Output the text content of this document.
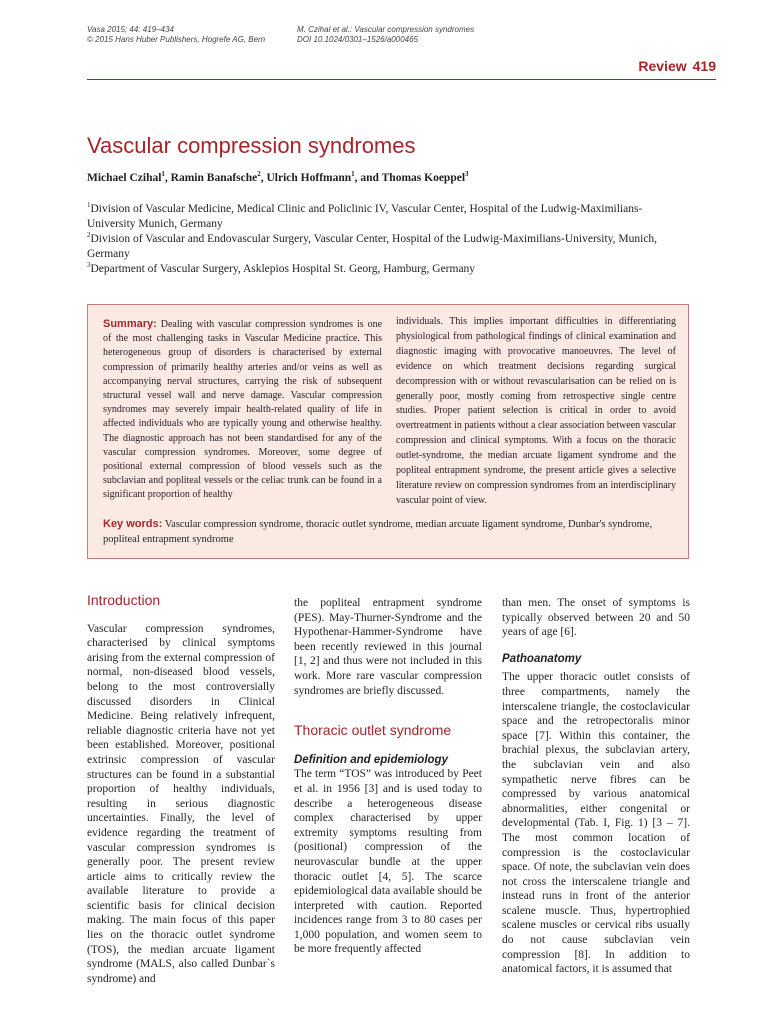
Vasa 2015; 44: 419–434
© 2015 Hans Huber Publishers, Hogrefe AG, Bern
M. Czihal et al.: Vascular compression syndromes
DOI 10.1024/0301–1526/a000465
Review 419
Vascular compression syndromes
Michael Czihal$^1$, Ramin Banafsche$^2$, Ulrich Hoffmann$^1$, and Thomas Koeppel$^3$

$^1$Division of Vascular Medicine, Medical Clinic and Policlinic IV, Vascular Center, Hospital of the Ludwig-Maximilians-University Munich, Germany

$^2$Division of Vascular and Endovascular Surgery, Vascular Center, Hospital of the Ludwig-Maximilians-University, Munich, Germany

$^3$Department of Vascular Surgery, Asklepios Hospital St. Georg, Hamburg, Germany

Summary: Dealing with vascular compression syndromes is one of the most challenging tasks in Vascular Medicine practice. This heterogeneous group of disorders is characterised by external compression of primarily healthy arteries and/or veins as well as accompanying nerval structures, carrying the risk of subsequent structural vessel wall and nerve damage. Vascular compression syndromes may severely impair health-related quality of life in affected individuals who are typically young and otherwise healthy. The diagnostic approach has not been standardised for any of the vascular compression syndromes. Moreover, some degree of positional external compression of blood vessels such as the subclavian and popliteal vessels or the celiac trunk can be found in a significant proportion of healthy
individuals. This implies important difficulties in differentiating physiological from pathological findings of clinical examination and diagnostic imaging with provocative manoeuvres. The level of evidence on which treatment decisions regarding surgical decompression with or without revascularisation can be relied on is generally poor, mostly coming from retrospective single centre studies. Proper patient selection is critical in order to avoid overtreatment in patients without a clear association between vascular compression and clinical symptoms. With a focus on the thoracic outlet-syndrome, the median arcuate ligament syndrome and the popliteal entrapment syndrome, the present article gives a selective literature review on compression syndromes from an interdisciplinary vascular point of view.
Key words: Vascular compression syndrome, thoracic outlet syndrome, median arcuate ligament syndrome, Dunbar's syndrome, popliteal entrapment syndrome
Introduction

Vascular compression syndromes, characterised by clinical symptoms arising from the external compression of normal, non-diseased blood vessels, belong to the most controversially discussed disorders in Clinical Medicine. Being relatively infrequent, reliable diagnostic criteria have not yet been established. Moreover, positional extrinsic compression of vascular structures can be found in a substantial proportion of healthy individuals, resulting in serious diagnostic uncertainties. Finally, the level of evidence regarding the treatment of vascular compression syndromes is generally poor. The present review article aims to critically review the available literature to provide a scientific basis for clinical decision making. The main focus of this paper lies on the thoracic outlet syndrome (TOS), the median arcuate ligament syndrome (MALS, also called Dunbar`s syndrome) and

the popliteal entrapment syndrome (PES). May-Thurner-Syndrome and the Hypothenar-Hammer-Syndrome have been recently reviewed in this journal [1, 2] and thus were not included in this work. More rare vascular compression syndromes are briefly discussed.

Thoracic outlet syndrome
Definition and epidemiology

The term “TOS” was introduced by Peet et al. in 1956 [3] and is used today to describe a heterogeneous disease complex characterised by upper extremity symptoms resulting from (positional) compression of the neurovascular bundle at the upper thoracic outlet [4, 5]. The scarce epidemiological data available should be interpreted with caution. Reported incidences range from 3 to 80 cases per 1,000 population, and women seem to be more frequently affected

than men. The onset of symptoms is typically observed between 20 and 50 years of age [6].

Pathoanatomy

The upper thoracic outlet consists of three compartments, namely the interscalene triangle, the costoclavicular space and the retropectoralis minor space [7]. Within this container, the brachial plexus, the subclavian artery, the subclavian vein and also sympathetic nerve fibres can be compressed by various anatomical abnormalities, either congenital or developmental (Tab. I, Fig. 1) [3 – 7]. The most common location of compression is the costoclavicular space. Of note, the subclavian vein does not cross the interscalene triangle and instead runs in front of the anterior scalene muscle. Thus, hypertrophied scalene muscles or cervical ribs usually do not cause subclavian vein compression [8]. In addition to anatomical factors, it is assumed that
